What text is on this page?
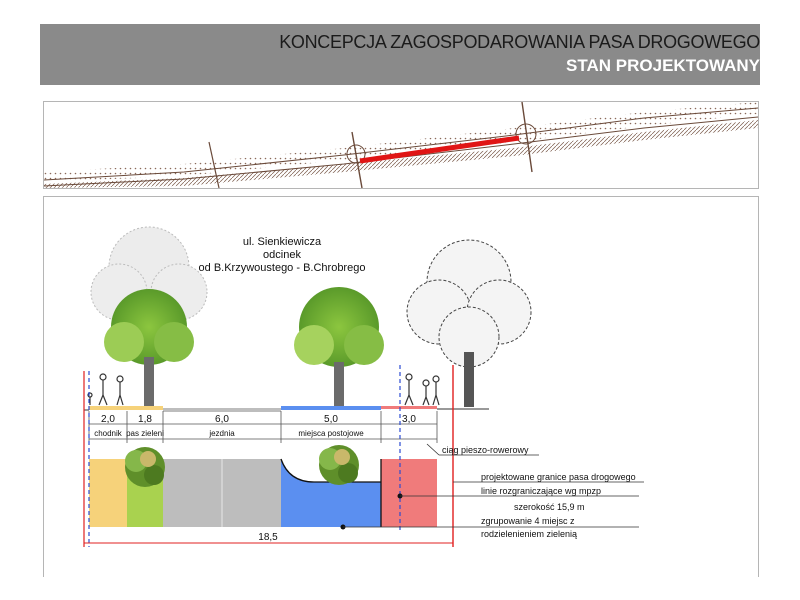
KONCEPCJA ZAGOSPODAROWANIA PASA DROGOWEGO
STAN PROJEKTOWANY
ul. Sienkiewicza
odcinek
od B.Krzywoustego - B.Chrobrego
2,0 1,8	6,0	5,0	3,0
chodnik pas zieleni	jezdnia	miejsca postojowe
18,5
ciąg pieszo-rowerowy
projektowane granice pasa drogowego
linie rozgraniczające wg mpzp
szerokość 15,9 m
zgrupowanie 4 miejsc z
rodzielenieniem zielenią
